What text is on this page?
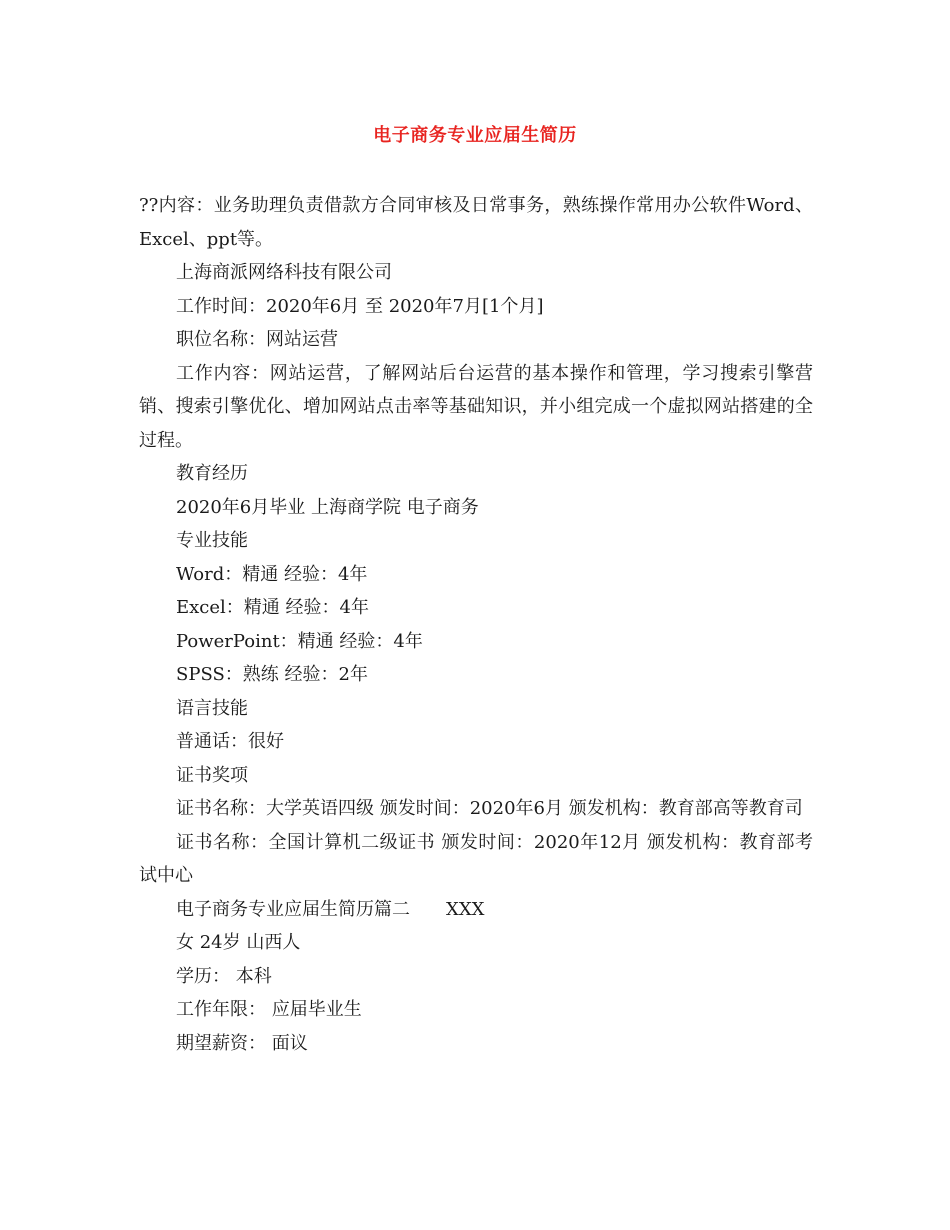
电子商务专业应届生简历

??内容：业务助理负责借款方合同审核及日常事务，熟练操作常用办公软件Word、Excel、ppt等。

上海商派网络科技有限公司

工作时间：2020年6月 至 2020年7月[1个月]

职位名称：网站运营

工作内容：网站运营，了解网站后台运营的基本操作和管理，学习搜索引擎营销、搜索引擎优化、增加网站点击率等基础知识，并小组完成一个虚拟网站搭建的全过程。

教育经历

2020年6月毕业 上海商学院 电子商务

专业技能

Word：精通 经验：4年

Excel：精通 经验：4年

PowerPoint：精通 经验：4年

SPSS：熟练 经验：2年

语言技能

普通话：很好

证书奖项

证书名称：大学英语四级 颁发时间：2020年6月 颁发机构：教育部高等教育司

证书名称：全国计算机二级证书 颁发时间：2020年12月 颁发机构：教育部考试中心

电子商务专业应届生简历篇二 XXX

女 24岁 山西人

学历： 本科

工作年限： 应届毕业生

期望薪资： 面议
